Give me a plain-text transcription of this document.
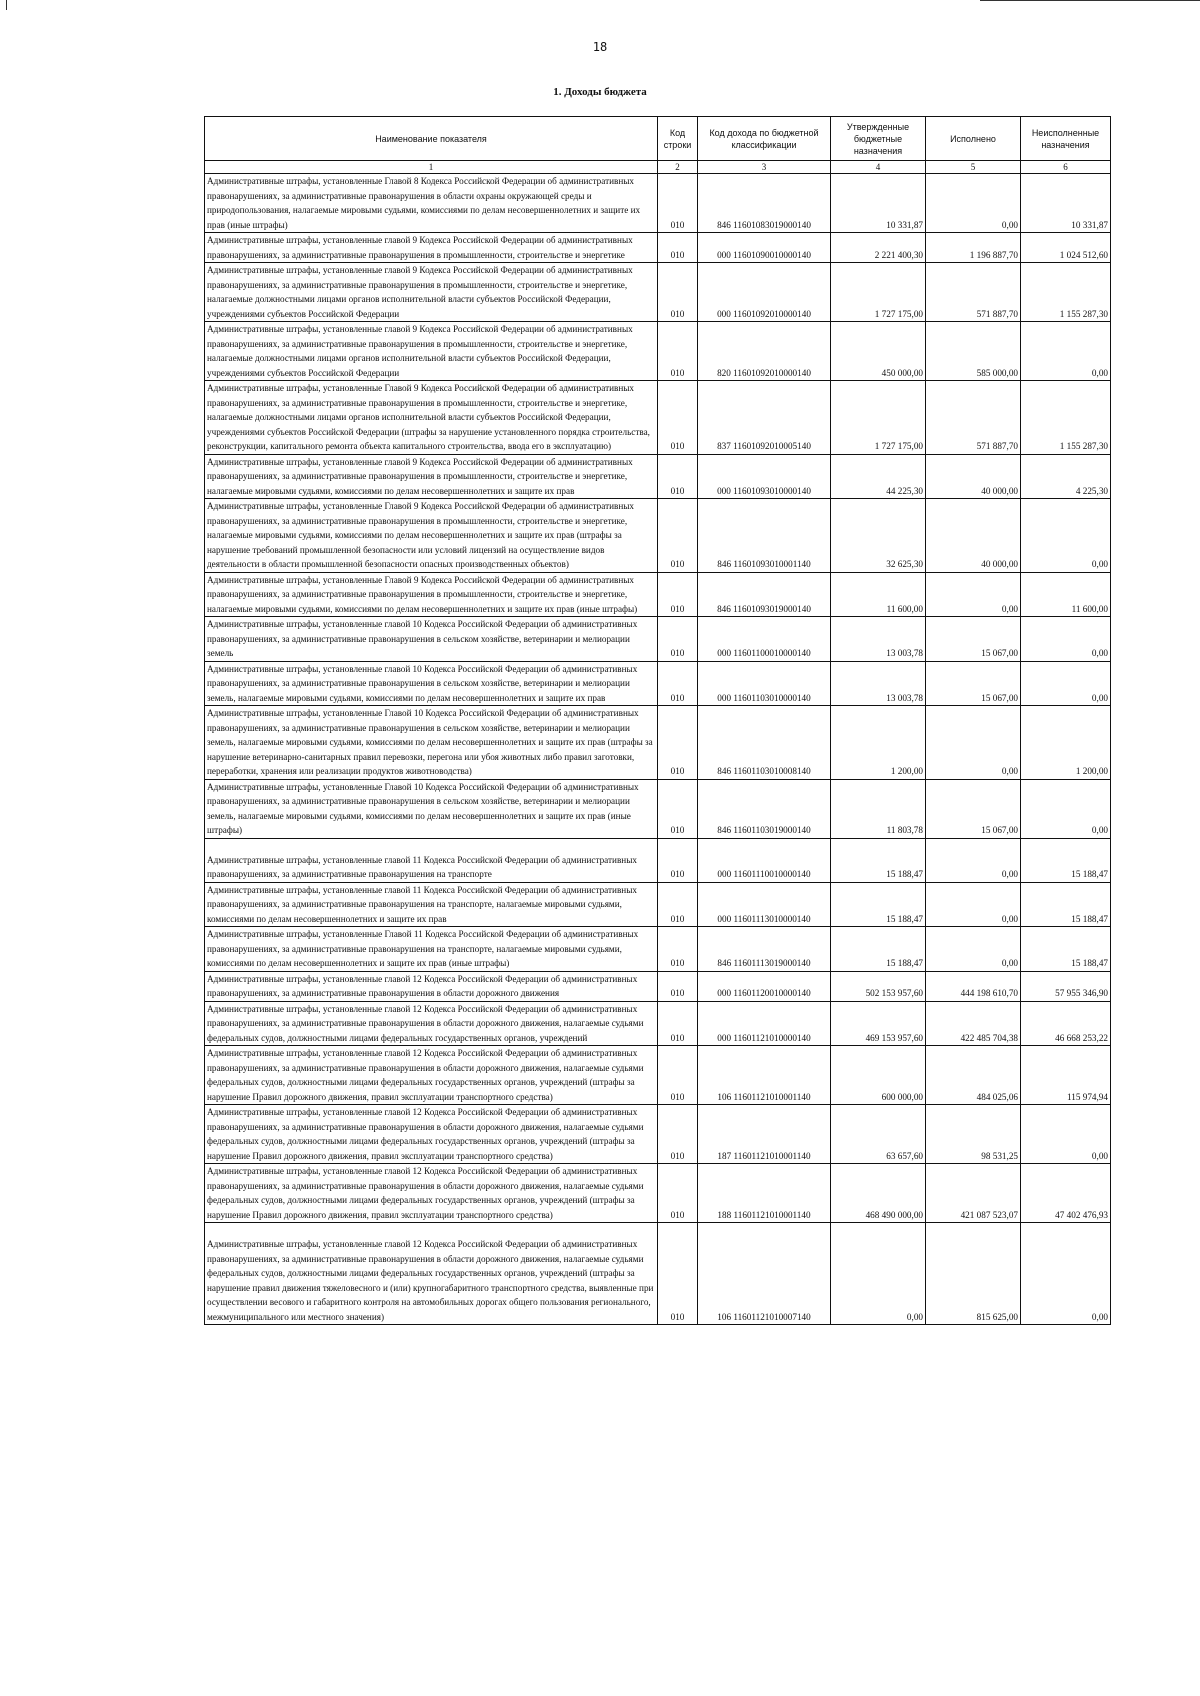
18
1. Доходы бюджета
Наименование показателя	Код строки	Код дохода по бюджетной классификации	Утвержденные бюджетные назначения	Исполнено	Неисполненные назначения
1	2	3	4	5	6
Административные штрафы, установленные Главой 8 Кодекса Российской Федерации об административных правонарушениях, за административные правонарушения в области охраны окружающей среды и природопользования, налагаемые мировыми судьями, комиссиями по делам несовершеннолетних и защите их прав (иные штрафы)	010	846 11601083019000140	10 331,87	0,00	10 331,87
Административные штрафы, установленные главой 9 Кодекса Российской Федерации об административных правонарушениях, за административные правонарушения в промышленности, строительстве и энергетике	010	000 11601090010000140	2 221 400,30	1 196 887,70	1 024 512,60
Административные штрафы, установленные главой 9 Кодекса Российской Федерации об административных правонарушениях, за административные правонарушения в промышленности, строительстве и энергетике, налагаемые должностными лицами органов исполнительной власти субъектов Российской Федерации, учреждениями субъектов Российской Федерации	010	000 11601092010000140	1 727 175,00	571 887,70	1 155 287,30
Административные штрафы, установленные главой 9 Кодекса Российской Федерации об административных правонарушениях, за административные правонарушения в промышленности, строительстве и энергетике, налагаемые должностными лицами органов исполнительной власти субъектов Российской Федерации, учреждениями субъектов Российской Федерации	010	820 11601092010000140	450 000,00	585 000,00	0,00
Административные штрафы, установленные Главой 9 Кодекса Российской Федерации об административных правонарушениях, за административные правонарушения в промышленности, строительстве и энергетике, налагаемые должностными лицами органов исполнительной власти субъектов Российской Федерации, учреждениями субъектов Российской Федерации (штрафы за нарушение установленного порядка строительства, реконструкции, капитального ремонта объекта капитального строительства, ввода его в эксплуатацию)	010	837 11601092010005140	1 727 175,00	571 887,70	1 155 287,30
Административные штрафы, установленные главой 9 Кодекса Российской Федерации об административных правонарушениях, за административные правонарушения в промышленности, строительстве и энергетике, налагаемые мировыми судьями, комиссиями по делам несовершеннолетних и защите их прав	010	000 11601093010000140	44 225,30	40 000,00	4 225,30
Административные штрафы, установленные Главой 9 Кодекса Российской Федерации об административных правонарушениях, за административные правонарушения в промышленности, строительстве и энергетике, налагаемые мировыми судьями, комиссиями по делам несовершеннолетних и защите их прав (штрафы за нарушение требований промышленной безопасности или условий лицензий на осуществление видов деятельности в области промышленной безопасности опасных производственных объектов)	010	846 11601093010001140	32 625,30	40 000,00	0,00
Административные штрафы, установленные Главой 9 Кодекса Российской Федерации об административных правонарушениях, за административные правонарушения в промышленности, строительстве и энергетике, налагаемые мировыми судьями, комиссиями по делам несовершеннолетних и защите их прав (иные штрафы)	010	846 11601093019000140	11 600,00	0,00	11 600,00
Административные штрафы, установленные главой 10 Кодекса Российской Федерации об административных правонарушениях, за административные правонарушения в сельском хозяйстве, ветеринарии и мелиорации земель	010	000 11601100010000140	13 003,78	15 067,00	0,00
Административные штрафы, установленные главой 10 Кодекса Российской Федерации об административных правонарушениях, за административные правонарушения в сельском хозяйстве, ветеринарии и мелиорации земель, налагаемые мировыми судьями, комиссиями по делам несовершеннолетних и защите их прав	010	000 11601103010000140	13 003,78	15 067,00	0,00
Административные штрафы, установленные Главой 10 Кодекса Российской Федерации об административных правонарушениях, за административные правонарушения в сельском хозяйстве, ветеринарии и мелиорации земель, налагаемые мировыми судьями, комиссиями по делам несовершеннолетних и защите их прав (штрафы за нарушение ветеринарно-санитарных правил перевозки, перегона или убоя животных либо правил заготовки, переработки, хранения или реализации продуктов животноводства)	010	846 11601103010008140	1 200,00	0,00	1 200,00
Административные штрафы, установленные Главой 10 Кодекса Российской Федерации об административных правонарушениях, за административные правонарушения в сельском хозяйстве, ветеринарии и мелиорации земель, налагаемые мировыми судьями, комиссиями по делам несовершеннолетних и защите их прав (иные штрафы)	010	846 11601103019000140	11 803,78	15 067,00	0,00
Административные штрафы, установленные главой 11 Кодекса Российской Федерации об административных правонарушениях, за административные правонарушения на транспорте	010	000 11601110010000140	15 188,47	0,00	15 188,47
Административные штрафы, установленные главой 11 Кодекса Российской Федерации об административных правонарушениях, за административные правонарушения на транспорте, налагаемые мировыми судьями, комиссиями по делам несовершеннолетних и защите их прав	010	000 11601113010000140	15 188,47	0,00	15 188,47
Административные штрафы, установленные Главой 11 Кодекса Российской Федерации об административных правонарушениях, за административные правонарушения на транспорте, налагаемые мировыми судьями, комиссиями по делам несовершеннолетних и защите их прав (иные штрафы)	010	846 11601113019000140	15 188,47	0,00	15 188,47
Административные штрафы, установленные главой 12 Кодекса Российской Федерации об административных правонарушениях, за административные правонарушения в области дорожного движения	010	000 11601120010000140	502 153 957,60	444 198 610,70	57 955 346,90
Административные штрафы, установленные главой 12 Кодекса Российской Федерации об административных правонарушениях, за административные правонарушения в области дорожного движения, налагаемые судьями федеральных судов, должностными лицами федеральных государственных органов, учреждений	010	000 11601121010000140	469 153 957,60	422 485 704,38	46 668 253,22
Административные штрафы, установленные главой 12 Кодекса Российской Федерации об административных правонарушениях, за административные правонарушения в области дорожного движения, налагаемые судьями федеральных судов, должностными лицами федеральных государственных органов, учреждений (штрафы за нарушение Правил дорожного движения, правил эксплуатации транспортного средства)	010	106 11601121010001140	600 000,00	484 025,06	115 974,94
Административные штрафы, установленные главой 12 Кодекса Российской Федерации об административных правонарушениях, за административные правонарушения в области дорожного движения, налагаемые судьями федеральных судов, должностными лицами федеральных государственных органов, учреждений (штрафы за нарушение Правил дорожного движения, правил эксплуатации транспортного средства)	010	187 11601121010001140	63 657,60	98 531,25	0,00
Административные штрафы, установленные главой 12 Кодекса Российской Федерации об административных правонарушениях, за административные правонарушения в области дорожного движения, налагаемые судьями федеральных судов, должностными лицами федеральных государственных органов, учреждений (штрафы за нарушение Правил дорожного движения, правил эксплуатации транспортного средства)	010	188 11601121010001140	468 490 000,00	421 087 523,07	47 402 476,93
Административные штрафы, установленные главой 12 Кодекса Российской Федерации об административных правонарушениях, за административные правонарушения в области дорожного движения, налагаемые судьями федеральных судов, должностными лицами федеральных государственных органов, учреждений (штрафы за нарушение правил движения тяжеловесного и (или) крупногабаритного транспортного средства, выявленные при осуществлении весового и габаритного контроля на автомобильных дорогах общего пользования регионального, межмуниципального или местного значения)	010	106 11601121010007140	0,00	815 625,00	0,00
